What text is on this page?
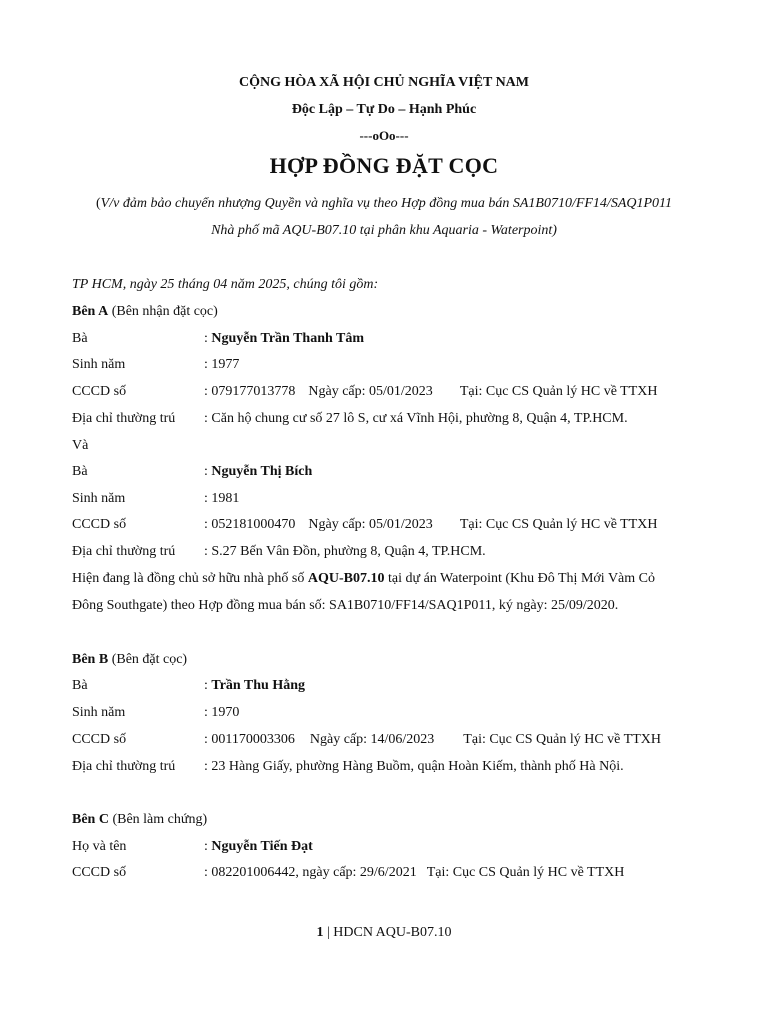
CỘNG HÒA XÃ HỘI CHỦ NGHĨA VIỆT NAM
Độc Lập – Tự Do – Hạnh Phúc
---oOo---
HỢP ĐỒNG ĐẶT CỌC
(V/v đảm bảo chuyển nhượng Quyền và nghĩa vụ theo Hợp đồng mua bán SA1B0710/FF14/SAQ1P011
Nhà phố mã AQU-B07.10 tại phân khu Aquaria - Waterpoint)
TP HCM, ngày 25 tháng 04 năm 2025, chúng tôi gồm:
Bên A (Bên nhận đặt cọc)
Bà	: Nguyễn Trần Thanh Tâm
Sinh năm	: 1977
CCCD số	: 079177013778 Ngày cấp: 05/01/2023 Tại: Cục CS Quản lý HC về TTXH
Địa chỉ thường trú : Căn hộ chung cư số 27 lô S, cư xá Vĩnh Hội, phường 8, Quận 4, TP.HCM.
Và
Bà	: Nguyễn Thị Bích
Sinh năm	: 1981
CCCD số	: 052181000470 Ngày cấp: 05/01/2023 Tại: Cục CS Quản lý HC về TTXH
Địa chỉ thường trú : S.27 Bến Vân Đồn, phường 8, Quận 4, TP.HCM.
Hiện đang là đồng chủ sở hữu nhà phố số AQU-B07.10 tại dự án Waterpoint (Khu Đô Thị Mới Vàm Cỏ
Đông Southgate) theo Hợp đồng mua bán số: SA1B0710/FF14/SAQ1P011, ký ngày: 25/09/2020.
Bên B (Bên đặt cọc)
Bà	: Trần Thu Hằng
Sinh năm	: 1970
CCCD số	: 001170003306 Ngày cấp: 14/06/2023 Tại: Cục CS Quản lý HC về TTXH
Địa chỉ thường trú : 23 Hàng Giấy, phường Hàng Buồm, quận Hoàn Kiếm, thành phố Hà Nội.
Bên C (Bên làm chứng)
Họ và tên	: Nguyễn Tiến Đạt
CCCD số	: 082201006442, ngày cấp: 29/6/2021 Tại: Cục CS Quản lý HC về TTXH
1 | HDCN AQU-B07.10
